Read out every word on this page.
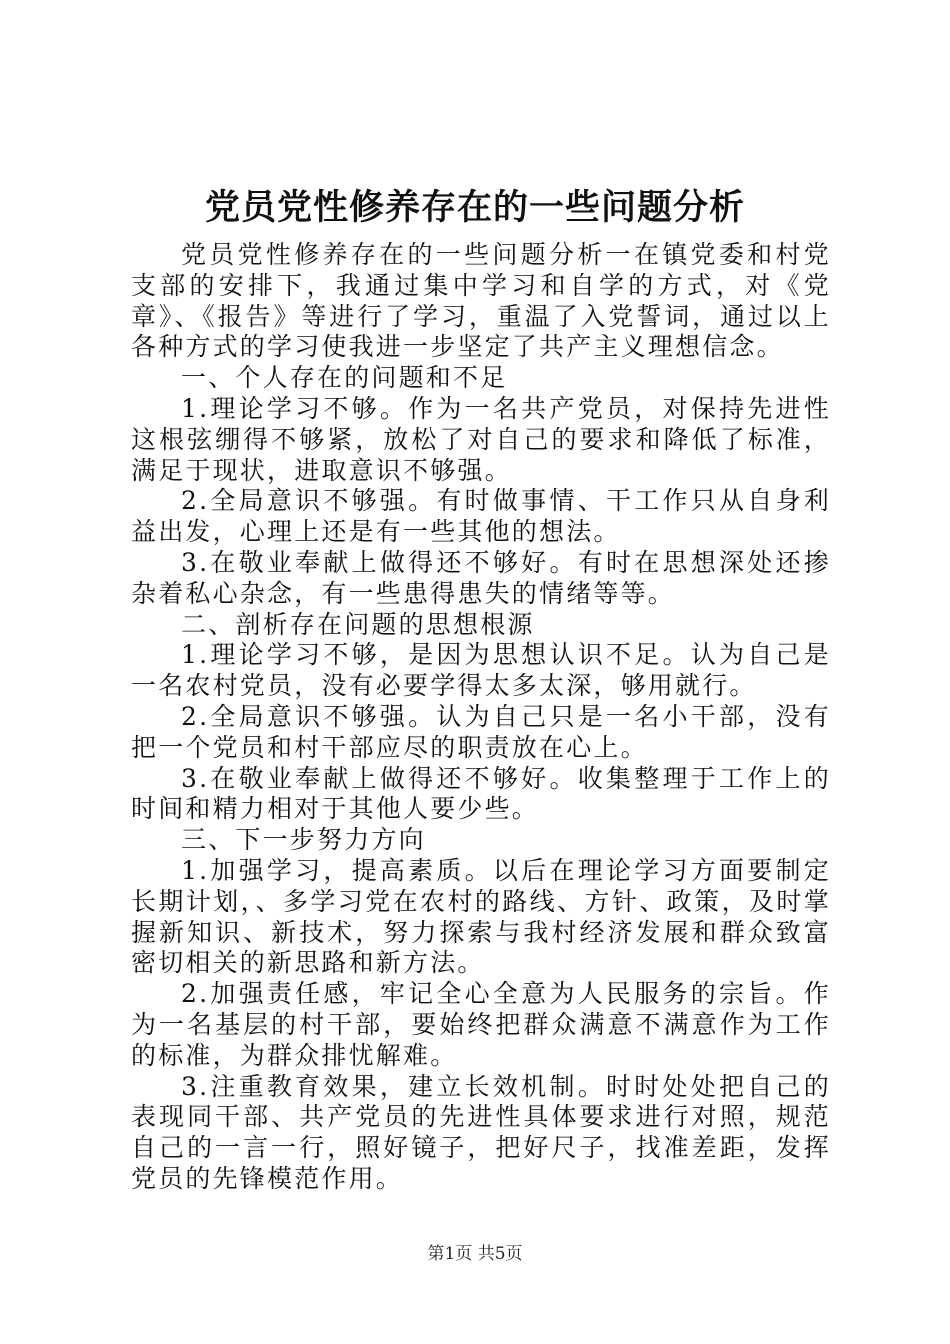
党员党性修养存在的一些问题分析

党员党性修养存在的一些问题分析一在镇党委和村党支部的安排下，我通过集中学习和自学的方式，对《党章》、《报告》等进行了学习，重温了入党誓词，通过以上各种方式的学习使我进一步坚定了共产主义理想信念。

一、个人存在的问题和不足

1.理论学习不够。作为一名共产党员，对保持先进性这根弦绷得不够紧，放松了对自己的要求和降低了标准，满足于现状，进取意识不够强。

2.全局意识不够强。有时做事情、干工作只从自身利益出发，心理上还是有一些其他的想法。

3.在敬业奉献上做得还不够好。有时在思想深处还掺杂着私心杂念，有一些患得患失的情绪等等。

二、剖析存在问题的思想根源

1.理论学习不够，是因为思想认识不足。认为自己是一名农村党员，没有必要学得太多太深，够用就行。

2.全局意识不够强。认为自己只是一名小干部，没有把一个党员和村干部应尽的职责放在心上。

3.在敬业奉献上做得还不够好。收集整理于工作上的时间和精力相对于其他人要少些。

三、下一步努力方向

1.加强学习，提高素质。以后在理论学习方面要制定长期计划，、多学习党在农村的路线、方针、政策，及时掌握新知识、新技术，努力探索与我村经济发展和群众致富密切相关的新思路和新方法。

2.加强责任感，牢记全心全意为人民服务的宗旨。作为一名基层的村干部，要始终把群众满意不满意作为工作的标准，为群众排忧解难。

3.注重教育效果，建立长效机制。时时处处把自己的表现同干部、共产党员的先进性具体要求进行对照，规范自己的一言一行，照好镜子，把好尺子，找准差距，发挥党员的先锋模范作用。

第1页 共5页
